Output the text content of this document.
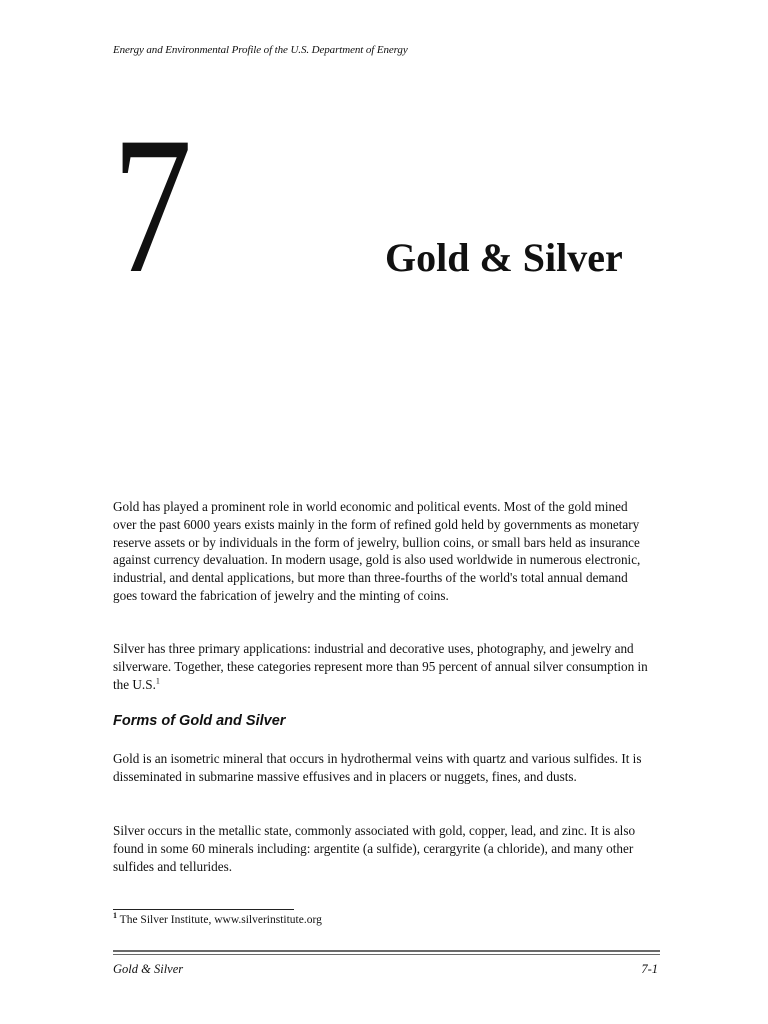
Energy and Environmental Profile of the U.S. Department of Energy
7	Gold & Silver

Gold has played a prominent role in world economic and political events. Most of the gold mined over the past 6000 years exists mainly in the form of refined gold held by governments as monetary reserve assets or by individuals in the form of jewelry, bullion coins, or small bars held as insurance against currency devaluation. In modern usage, gold is also used worldwide in numerous electronic, industrial, and dental applications, but more than three-fourths of the world's total annual demand goes toward the fabrication of jewelry and the minting of coins.

Silver has three primary applications: industrial and decorative uses, photography, and jewelry and silverware. Together, these categories represent more than 95 percent of annual silver consumption in the U.S.$^1$

Forms of Gold and Silver

Gold is an isometric mineral that occurs in hydrothermal veins with quartz and various sulfides. It is disseminated in submarine massive effusives and in placers or nuggets, fines, and dusts.

Silver occurs in the metallic state, commonly associated with gold, copper, lead, and zinc. It is also found in some 60 minerals including: argentite (a sulfide), cerargyrite (a chloride), and many other sulfides and tellurides.

$^1$ The Silver Institute, www.silverinstitute.org
Gold & Silver	7-1
